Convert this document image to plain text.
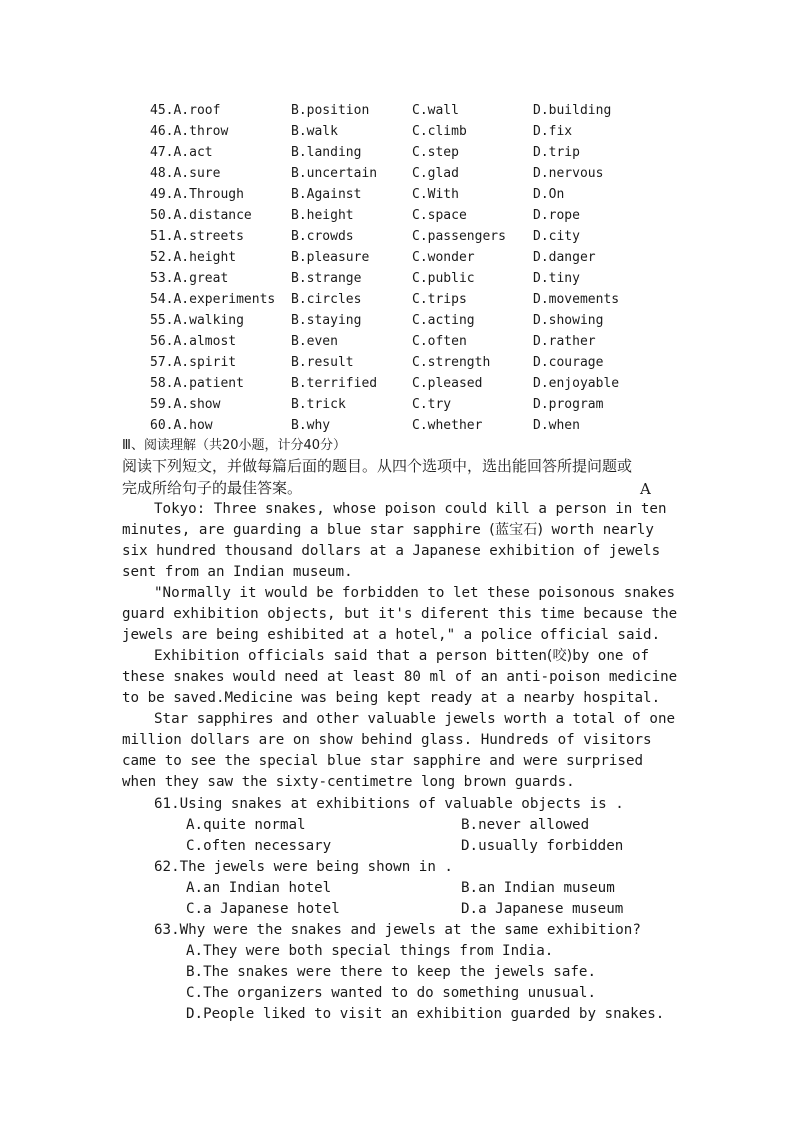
45.A.roof	B.position	C.wall	D.building
46.A.throw	B.walk	C.climb	D.fix
47.A.act	B.landing	C.step	D.trip
48.A.sure	B.uncertain	C.glad	D.nervous
49.A.Through	B.Against	C.With	D.On
50.A.distance	B.height	C.space	D.rope
51.A.streets	B.crowds	C.passengers D.city
52.A.height	B.pleasure	C.wonder	D.danger
53.A.great	B.strange	C.public	D.tiny
54.A.experiments B.circles	C.trips	D.movements
55.A.walking	B.staying	C.acting	D.showing
56.A.almost	B.even	C.often	D.rather
57.A.spirit	B.result	C.strength	D.courage
58.A.patient	B.terrified	C.pleased	D.enjoyable
59.A.show	B.trick	C.try	D.program
60.A.how	B.why	C.whether	D.when
Ⅲ、阅读理解（共20小题，计分40分）
阅读下列短文，并做每篇后面的题目。从四个选项中，选出能回答所提问题或
完成所给句子的最佳答案。	A

Tokyo: Three snakes, whose poison could kill a person in ten minutes, are guarding a blue star sapphire (蓝宝石) worth nearly six hundred thousand dollars at a Japanese exhibition of jewels sent from an Indian museum.

"Normally it would be forbidden to let these poisonous snakes guard exhibition objects, but it's diferent this time because the jewels are being eshibited at a hotel," a police official said.

Exhibition officials said that a person bitten(咬)by one of these snakes would need at least 80 ml of an anti-poison medicine to be saved.Medicine was being kept ready at a nearby hospital.

Star sapphires and other valuable jewels worth a total of one million dollars are on show behind glass. Hundreds of visitors came to see the special blue star sapphire and were surprised when they saw the sixty-centimetre long brown guards.

61.Using snakes at exhibitions of valuable objects is .
A.quite normal	B.never allowed
C.often necessary	D.usually forbidden
62.The jewels were being shown in .
A.an Indian hotel	B.an Indian museum
C.a Japanese hotel	D.a Japanese museum
63.Why were the snakes and jewels at the same exhibition?
A.They were both special things from India.
B.The snakes were there to keep the jewels safe.
C.The organizers wanted to do something unusual.
D.People liked to visit an exhibition guarded by snakes.
